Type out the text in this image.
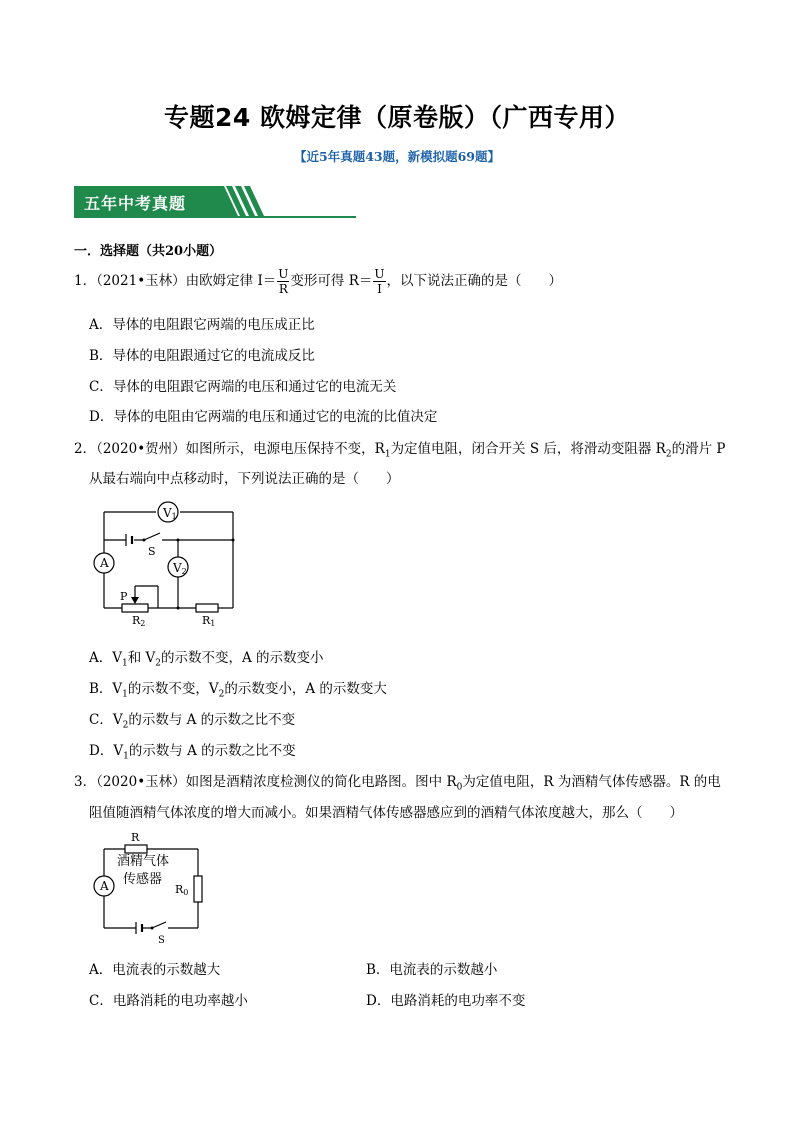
专题24 欧姆定律（原卷版）（广西专用）
【近5年真题43题，新模拟题69题】
五年中考真题
一．选择题（共20小题）
1．（2021•玉林）由欧姆定律 $I= \frac{U}{R}$ 变形可得 $R= \frac{U}{I}$ ，以下说法正确的是（　　）
A．导体的电阻跟它两端的电压成正比
B．导体的电阻跟通过它的电流成反比
C．导体的电阻跟它两端的电压和通过它的电流无关
D．导体的电阻由它两端的电压和通过它的电流的比值决定
2．（2020•贺州）如图所示，电源电压保持不变，$R_1$为定值电阻，闭合开关 S 后，将滑动变阻器 $R_2$的滑片 P
从最右端向中点移动时，下列说法正确的是（　　）
V1
V2
A
S
P
R2	R1
A．$V_1$和 $V_2$的示数不变，A 的示数变小
B．$V_1$的示数不变，$V_2$的示数变小，A 的示数变大
C．$V_2$的示数与 A 的示数之比不变
D．$V_1$的示数与 A 的示数之比不变
3．（2020•玉林）如图是酒精浓度检测仪的简化电路图。图中 $R_0$为定值电阻，R 为酒精气体传感器。R 的电
阻值随酒精气体浓度的增大而减小。如果酒精气体传感器感应到的酒精气体浓度越大，那么（　　）
A
R
酒精气体
传感器
R0
S
A．电流表的示数越大	B．电流表的示数越小
C．电路消耗的电功率越小	D．电路消耗的电功率不变
